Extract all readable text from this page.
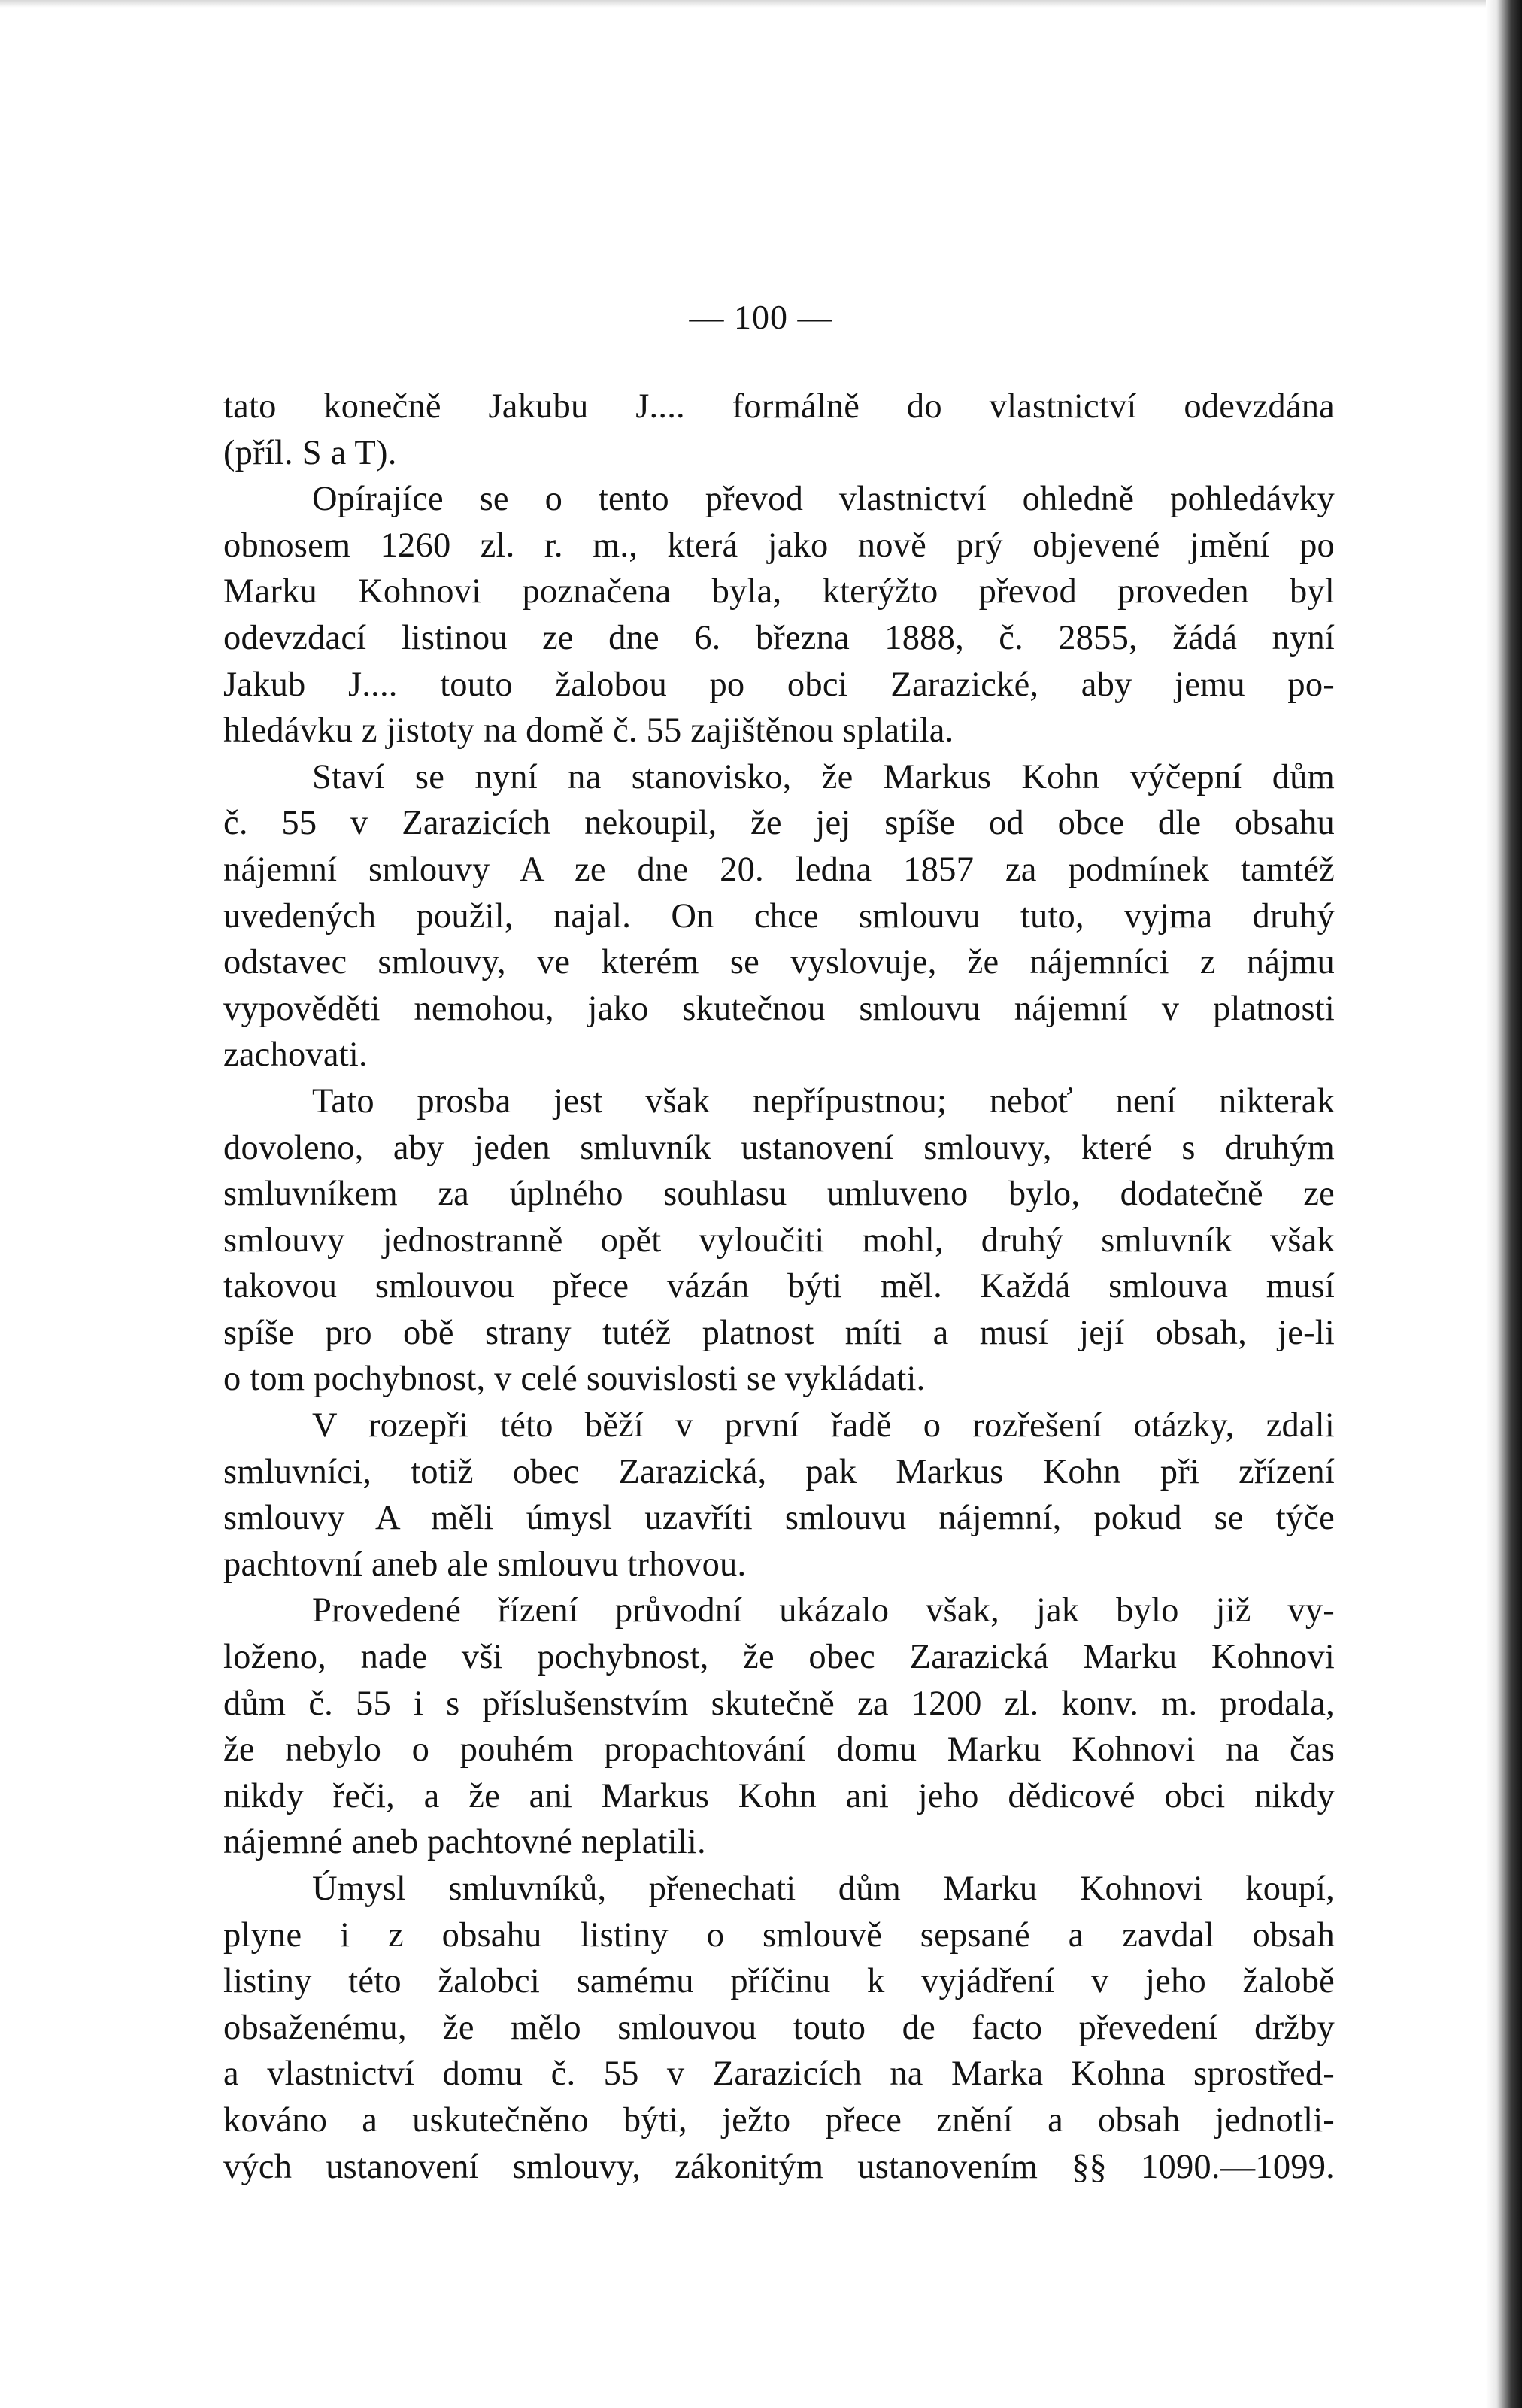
— 100 —
tato konečně Jakubu J.... formálně do vlastnictví odevzdána
(příl. S a T).
Opírajíce se o tento převod vlastnictví ohledně pohledávky
obnosem 1260 zl. r. m., která jako nově prý objevené jmění po
Marku Kohnovi poznačena byla, kterýžto převod proveden byl
odevzdací listinou ze dne 6. března 1888, č. 2855, žádá nyní
Jakub J.... touto žalobou po obci Zarazické, aby jemu po-
hledávku z jistoty na domě č. 55 zajištěnou splatila.
Staví se nyní na stanovisko, že Markus Kohn výčepní dům
č. 55 v Zarazicích nekoupil, že jej spíše od obce dle obsahu
nájemní smlouvy A ze dne 20. ledna 1857 za podmínek tamtéž
uvedených použil, najal. On chce smlouvu tuto, vyjma druhý
odstavec smlouvy, ve kterém se vyslovuje, že nájemníci z nájmu
vypověděti nemohou, jako skutečnou smlouvu nájemní v platnosti
zachovati.
Tato prosba jest však nepřípustnou; neboť není nikterak
dovoleno, aby jeden smluvník ustanovení smlouvy, které s druhým
smluvníkem za úplného souhlasu umluveno bylo, dodatečně ze
smlouvy jednostranně opět vyloučiti mohl, druhý smluvník však
takovou smlouvou přece vázán býti měl. Každá smlouva musí
spíše pro obě strany tutéž platnost míti a musí její obsah, je-li
o tom pochybnost, v celé souvislosti se vykládati.
V rozepři této běží v první řadě o rozřešení otázky, zdali
smluvníci, totiž obec Zarazická, pak Markus Kohn při zřízení
smlouvy A měli úmysl uzavříti smlouvu nájemní, pokud se týče
pachtovní aneb ale smlouvu trhovou.
Provedené řízení průvodní ukázalo však, jak bylo již vy-
loženo, nade vši pochybnost, že obec Zarazická Marku Kohnovi
dům č. 55 i s příslušenstvím skutečně za 1200 zl. konv. m. prodala,
že nebylo o pouhém propachtování domu Marku Kohnovi na čas
nikdy řeči, a že ani Markus Kohn ani jeho dědicové obci nikdy
nájemné aneb pachtovné neplatili.
Úmysl smluvníků, přenechati dům Marku Kohnovi koupí,
plyne i z obsahu listiny o smlouvě sepsané a zavdal obsah
listiny této žalobci samému příčinu k vyjádření v jeho žalobě
obsaženému, že mělo smlouvou touto de facto převedení držby
a vlastnictví domu č. 55 v Zarazicích na Marka Kohna sprostřed-
kováno a uskutečněno býti, ježto přece znění a obsah jednotli-
vých ustanovení smlouvy, zákonitým ustanovením §§ 1090.—1099.
